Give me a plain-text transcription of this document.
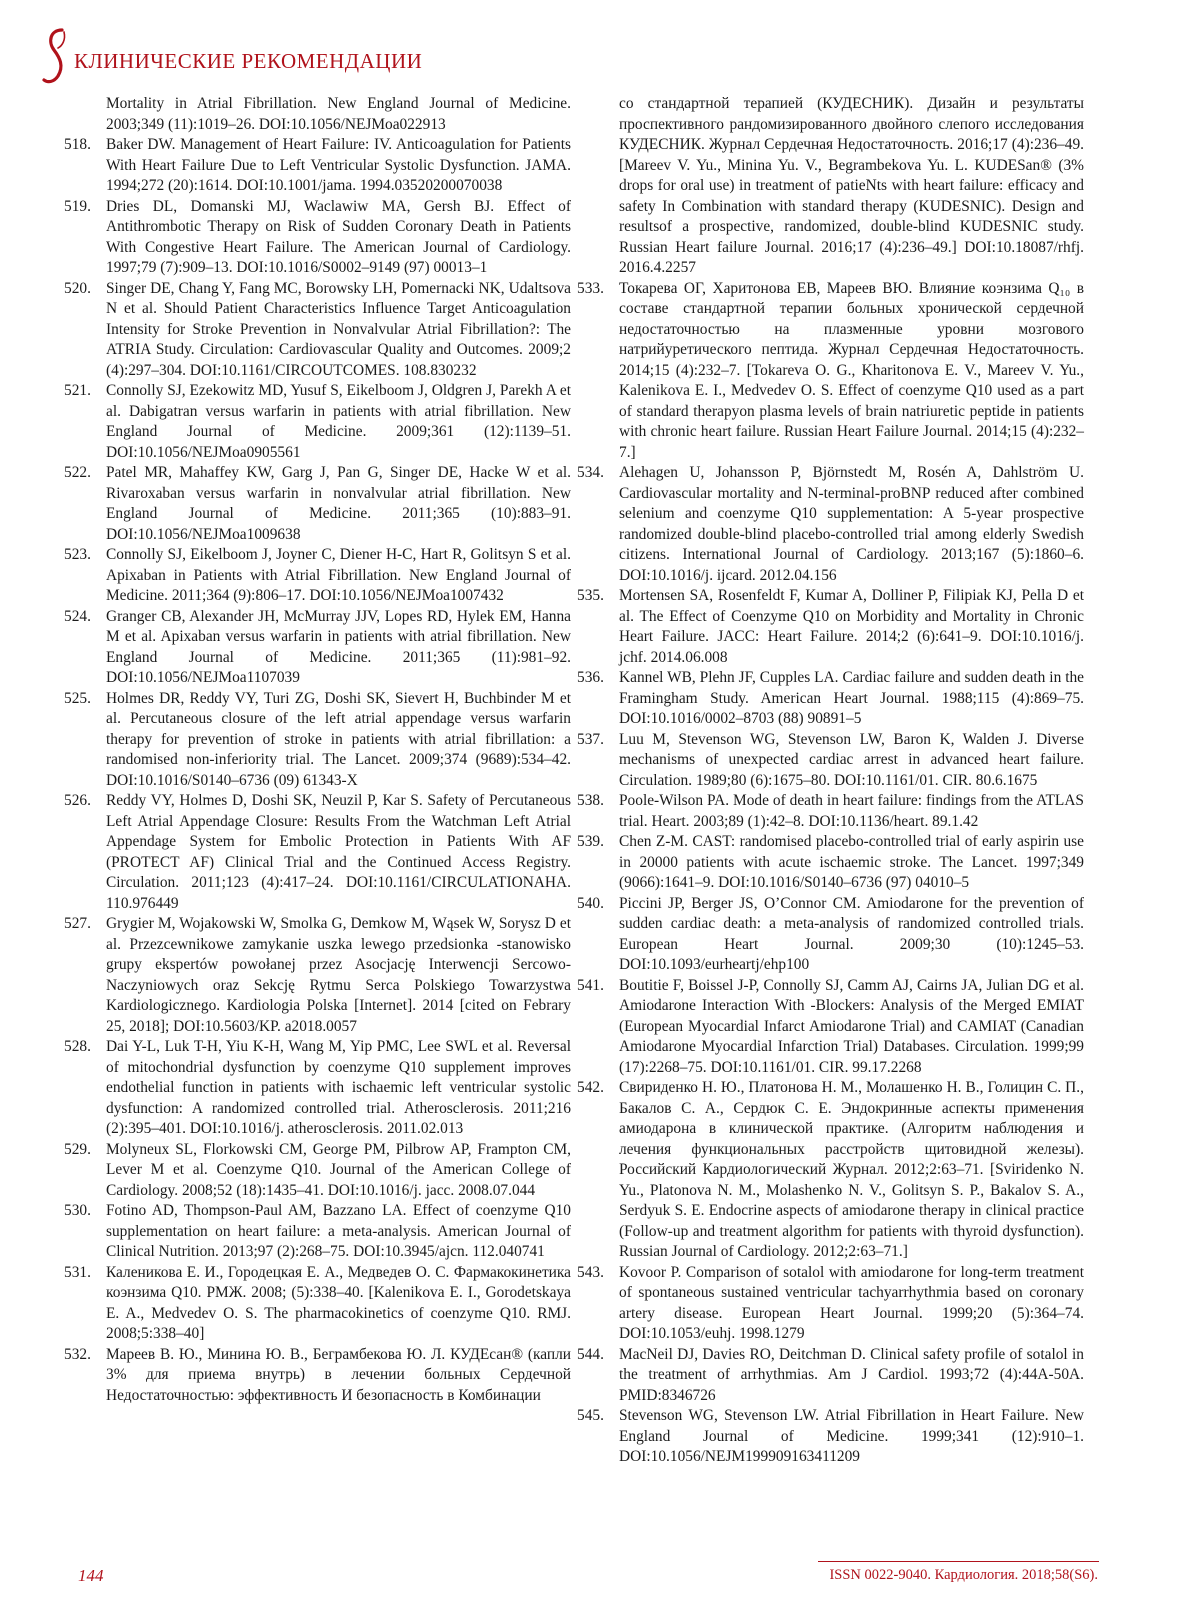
КЛИНИЧЕСКИЕ РЕКОМЕНДАЦИИ
Mortality in Atrial Fibrillation. New England Journal of Medicine. 2003;349 (11):1019–26. DOI:10.1056/NEJMoa022913
518. Baker DW. Management of Heart Failure: IV. Anticoagulation for Patients With Heart Failure Due to Left Ventricular Systolic Dysfunction. JAMA. 1994;272 (20):1614. DOI:10.1001/jama. 1994.03520200070038
519. Dries DL, Domanski MJ, Waclawiw MA, Gersh BJ. Effect of Antithrombotic Therapy on Risk of Sudden Coronary Death in Patients With Congestive Heart Failure. The American Journal of Cardiology. 1997;79 (7):909–13. DOI:10.1016/S0002–9149 (97) 00013–1
520. Singer DE, Chang Y, Fang MC, Borowsky LH, Pomernacki NK, Udaltsova N et al. Should Patient Characteristics Influence Target Anticoagulation Intensity for Stroke Prevention in Nonvalvular Atrial Fibrillation?: The ATRIA Study. Circulation: Cardiovascular Quality and Outcomes. 2009;2 (4):297–304. DOI:10.1161/CIRCOUTCOMES. 108.830232
521. Connolly SJ, Ezekowitz MD, Yusuf S, Eikelboom J, Oldgren J, Parekh A et al. Dabigatran versus warfarin in patients with atrial fibrillation. New England Journal of Medicine. 2009;361 (12):1139–51. DOI:10.1056/NEJMoa0905561
522. Patel MR, Mahaffey KW, Garg J, Pan G, Singer DE, Hacke W et al. Rivaroxaban versus warfarin in nonvalvular atrial fibrillation. New England Journal of Medicine. 2011;365 (10):883–91. DOI:10.1056/NEJMoa1009638
523. Connolly SJ, Eikelboom J, Joyner C, Diener H-C, Hart R, Golitsyn S et al. Apixaban in Patients with Atrial Fibrillation. New England Journal of Medicine. 2011;364 (9):806–17. DOI:10.1056/NEJMoa1007432
524. Granger CB, Alexander JH, McMurray JJV, Lopes RD, Hylek EM, Hanna M et al. Apixaban versus warfarin in patients with atrial fibrillation. New England Journal of Medicine. 2011;365 (11):981–92. DOI:10.1056/NEJMoa1107039
525. Holmes DR, Reddy VY, Turi ZG, Doshi SK, Sievert H, Buchbinder M et al. Percutaneous closure of the left atrial appendage versus warfarin therapy for prevention of stroke in patients with atrial fibrillation: a randomised non-inferiority trial. The Lancet. 2009;374 (9689):534–42. DOI:10.1016/S0140–6736 (09) 61343-X
526. Reddy VY, Holmes D, Doshi SK, Neuzil P, Kar S. Safety of Percutaneous Left Atrial Appendage Closure: Results From the Watchman Left Atrial Appendage System for Embolic Protection in Patients With AF (PROTECT AF) Clinical Trial and the Continued Access Registry. Circulation. 2011;123 (4):417–24. DOI:10.1161/CIRCULATIONAHA. 110.976449
527. Grygier M, Wojakowski W, Smolka G, Demkow M, Wąsek W, Sorysz D et al. Przezcewnikowe zamykanie uszka lewego przedsionka -stanowisko grupy ekspertów powołanej przez Asocjację Interwencji Sercowo-Naczyniowych oraz Sekcję Rytmu Serca Polskiego Towarzystwa Kardiologicznego. Kardiologia Polska [Internet]. 2014 [cited on Febrary 25, 2018]; DOI:10.5603/KP. a2018.0057
528. Dai Y-L, Luk T-H, Yiu K-H, Wang M, Yip PMC, Lee SWL et al. Reversal of mitochondrial dysfunction by coenzyme Q10 supplement improves endothelial function in patients with ischaemic left ventricular systolic dysfunction: A randomized controlled trial. Atherosclerosis. 2011;216 (2):395–401. DOI:10.1016/j. atherosclerosis. 2011.02.013
529. Molyneux SL, Florkowski CM, George PM, Pilbrow AP, Frampton CM, Lever M et al. Coenzyme Q10. Journal of the American College of Cardiology. 2008;52 (18):1435–41. DOI:10.1016/j. jacc. 2008.07.044
530. Fotino AD, Thompson-Paul AM, Bazzano LA. Effect of coenzyme Q10 supplementation on heart failure: a meta-analysis. American Journal of Clinical Nutrition. 2013;97 (2):268–75. DOI:10.3945/ajcn. 112.040741
531. Каленикова Е. И., Городецкая Е. А., Медведев О. С. Фармакокинетика коэнзима Q10. РМЖ. 2008; (5):338–40. [Kalenikova E. I., Gorodetskaya E. A., Medvedev O. S. The pharmacokinetics of coenzyme Q10. RMJ. 2008;5:338–40]
532. Мареев В. Ю., Минина Ю. В., Беграмбекова Ю. Л. КУДЕсан® (капли 3% для приема внутрь) в лечении больных Сердечной Недостаточностью: эффективность И безопасность в Комбинации
со стандартной терапией (КУДЕСНИК). Дизайн и результаты проспективного рандомизированного двойного слепого исследования КУДЕСНИК. Журнал Сердечная Недостаточность. 2016;17 (4):236–49. [Mareev V. Yu., Minina Yu. V., Begrambekova Yu. L. KUDESan® (3% drops for oral use) in treatment of patieNts with heart failure: efficacy and safety In Combination with standard therapy (KUDESNIC). Design and resultsof a prospective, randomized, double-blind KUDESNIC study. Russian Heart failure Journal. 2016;17 (4):236–49.] DOI:10.18087/rhfj. 2016.4.2257
533. Токарева ОГ, Харитонова ЕВ, Мареев ВЮ. Влияние коэнзима Q₁₀ в составе стандартной терапии больных хронической сердечной недостаточностью на плазменные уровни мозгового натрийуретического пептида. Журнал Сердечная Недостаточность. 2014;15 (4):232–7. [Tokareva O. G., Kharitonova E. V., Mareev V. Yu., Kalenikova E. I., Medvedev O. S. Effect of coenzyme Q10 used as a part of standard therapyon plasma levels of brain natriuretic peptide in patients with chronic heart failure. Russian Heart Failure Journal. 2014;15 (4):232–7.]
534. Alehagen U, Johansson P, Björnstedt M, Rosén A, Dahlström U. Cardiovascular mortality and N-terminal-proBNP reduced after combined selenium and coenzyme Q10 supplementation: A 5-year prospective randomized double-blind placebo-controlled trial among elderly Swedish citizens. International Journal of Cardiology. 2013;167 (5):1860–6. DOI:10.1016/j. ijcard. 2012.04.156
535. Mortensen SA, Rosenfeldt F, Kumar A, Dolliner P, Filipiak KJ, Pella D et al. The Effect of Coenzyme Q10 on Morbidity and Mortality in Chronic Heart Failure. JACC: Heart Failure. 2014;2 (6):641–9. DOI:10.1016/j. jchf. 2014.06.008
536. Kannel WB, Plehn JF, Cupples LA. Cardiac failure and sudden death in the Framingham Study. American Heart Journal. 1988;115 (4):869–75. DOI:10.1016/0002–8703 (88) 90891–5
537. Luu M, Stevenson WG, Stevenson LW, Baron K, Walden J. Diverse mechanisms of unexpected cardiac arrest in advanced heart failure. Circulation. 1989;80 (6):1675–80. DOI:10.1161/01. CIR. 80.6.1675
538. Poole-Wilson PA. Mode of death in heart failure: findings from the ATLAS trial. Heart. 2003;89 (1):42–8. DOI:10.1136/heart. 89.1.42
539. Chen Z-M. CAST: randomised placebo-controlled trial of early aspirin use in 20000 patients with acute ischaemic stroke. The Lancet. 1997;349 (9066):1641–9. DOI:10.1016/S0140–6736 (97) 04010–5
540. Piccini JP, Berger JS, O’Connor CM. Amiodarone for the prevention of sudden cardiac death: a meta-analysis of randomized controlled trials. European Heart Journal. 2009;30 (10):1245–53. DOI:10.1093/eurheartj/ehp100
541. Boutitie F, Boissel J-P, Connolly SJ, Camm AJ, Cairns JA, Julian DG et al. Amiodarone Interaction With -Blockers: Analysis of the Merged EMIAT (European Myocardial Infarct Amiodarone Trial) and CAMIAT (Canadian Amiodarone Myocardial Infarction Trial) Databases. Circulation. 1999;99 (17):2268–75. DOI:10.1161/01. CIR. 99.17.2268
542. Свириденко Н. Ю., Платонова Н. М., Молашенко Н. В., Голицин С. П., Бакалов С. А., Сердюк С. Е. Эндокринные аспекты применения амиодарона в клинической практике. (Алгоритм наблюдения и лечения функциональных расстройств щитовидной железы). Российский Кардиологический Журнал. 2012;2:63–71. [Sviridenko N. Yu., Platonova N. M., Molashenko N. V., Golitsyn S. P., Bakalov S. A., Serdyuk S. E. Endocrine aspects of amiodarone therapy in clinical practice (Follow-up and treatment algorithm for patients with thyroid dysfunction). Russian Journal of Cardiology. 2012;2:63–71.]
543. Kovoor P. Comparison of sotalol with amiodarone for long-term treatment of spontaneous sustained ventricular tachyarrhythmia based on coronary artery disease. European Heart Journal. 1999;20 (5):364–74. DOI:10.1053/euhj. 1998.1279
544. MacNeil DJ, Davies RO, Deitchman D. Clinical safety profile of sotalol in the treatment of arrhythmias. Am J Cardiol. 1993;72 (4):44A-50A. PMID:8346726
545. Stevenson WG, Stevenson LW. Atrial Fibrillation in Heart Failure. New England Journal of Medicine. 1999;341 (12):910–1. DOI:10.1056/NEJM199909163411209
144	ISSN 0022-9040. Кардиология. 2018;58(S6).
